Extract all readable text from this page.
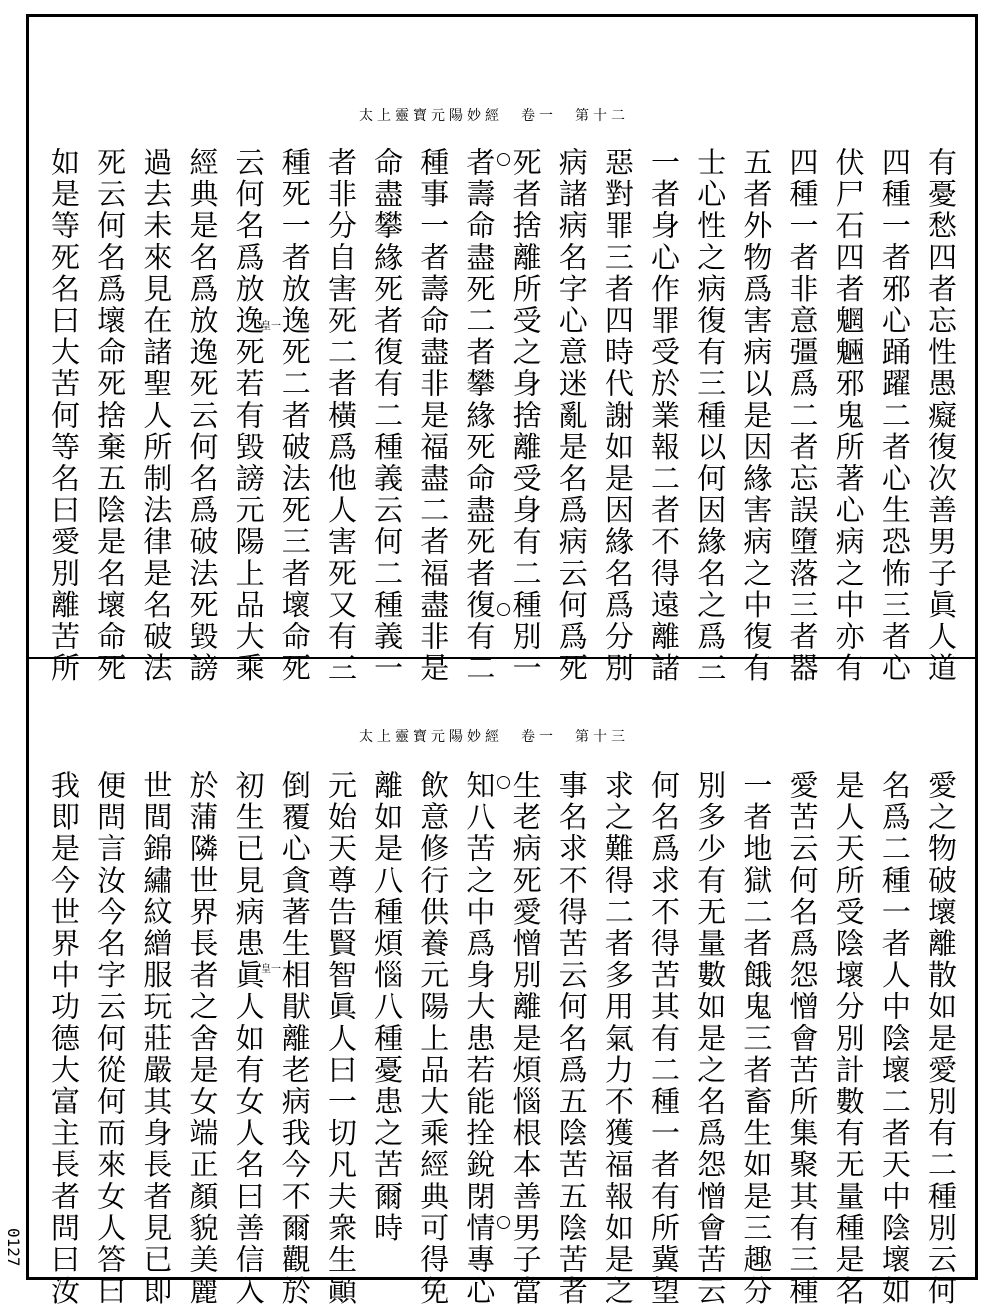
太上靈寶元陽妙經　卷一　第十二
有憂愁四者忘性愚癡復次善男子眞人道
四種一者邪心踊躍二者心生恐怖三者心
伏尸石四者魍魎邪鬼所著心病之中亦有
四種一者非意彊爲二者忘誤墮落三者器
五者外物爲害病以是因緣害病之中復有
士心性之病復有三種以何因緣名之爲三
一者身心作罪受於業報二者不得遠離諸
惡對罪三者四時代謝如是因緣名爲分別
病諸病名字心意迷亂是名爲病云何爲死
死者捨離所受之身捨離受身有二種別一
者壽命盡死二者攀緣死命盡死者復有二
種事一者壽命盡非是福盡二者福盡非是
命盡攀緣死者復有二種義云何二種義一
者非分自害死二者橫爲他人害死又有三
種死一者放逸死二者破法死三者壞命死
云何名爲放逸死若有毀謗元陽上品大乘
經典是名爲放逸死云何名爲破法死毀謗
過去未來見在諸聖人所制法律是名破法
死云何名爲壞命死捨棄五陰是名壞命死
如是等死名曰大苦何等名曰愛別離苦所	皇一
太上靈寶元陽妙經　卷一　第十三
愛之物破壞離散如是愛別有二種別云何
名爲二種一者人中陰壞二者天中陰壞如
是人天所受陰壞分別計數有无量種是名
愛苦云何名爲怨憎會苦所集聚其有三種
一者地獄二者餓鬼三者畜生如是三趣分
別多少有无量數如是之名爲怨憎會苦云
何名爲求不得苦其有二種一者有所冀望
求之難得二者多用氣力不獲福報如是之
事名求不得苦云何名爲五陰苦五陰苦者
生老病死愛憎別離是煩惱根本善男子當
知八苦之中爲身大患若能拴銳閉情專心
飲意修行供養元陽上品大乘經典可得免
離如是八種煩惱八種憂患之苦爾時
元始天尊告賢智眞人曰一切凡夫衆生顚
倒覆心貪著生相猒離老病我今不爾觀於
初生已見病患眞人如有女人名曰善信入
於蒲隣世界長者之舍是女端正顏貌美麗
世間錦繡紋繒服玩莊嚴其身長者見已即
便問言汝今名字云何從何而來女人答曰
我即是今世界中功德大富主長者問曰汝	皇一
0127
